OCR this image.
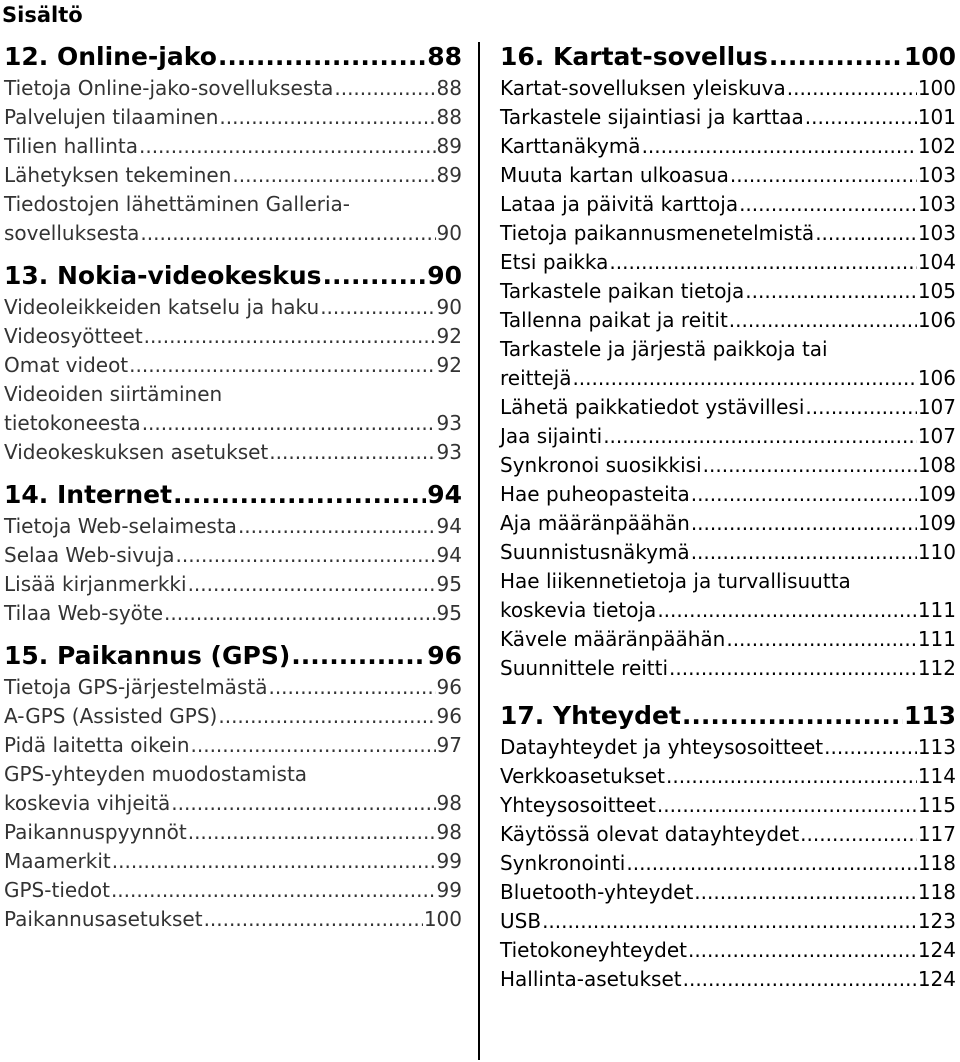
Sisältö
12. Online-jako .....	88
Tietoja Online-jako-sovelluksesta .....	88
Palvelujen tilaaminen .....	88
Tilien hallinta .....	89
Lähetyksen tekeminen .....	89
Tiedostojen lähettäminen Galleria-
sovelluksesta .....	90
13. Nokia-videokeskus .....	90
Videoleikkeiden katselu ja haku .....	90
Videosyötteet .....	92
Omat videot .....	92
Videoiden siirtäminen
tietokoneesta .....	93
Videokeskuksen asetukset .....	93
14. Internet .....	94
Tietoja Web-selaimesta .....	94
Selaa Web-sivuja .....	94
Lisää kirjanmerkki .....	95
Tilaa Web-syöte .....	95
15. Paikannus (GPS) .....	96
Tietoja GPS-järjestelmästä .....	96
A-GPS (Assisted GPS) .....	96
Pidä laitetta oikein .....	97
GPS-yhteyden muodostamista
koskevia vihjeitä .....	98
Paikannuspyynnöt .....	98
Maamerkit .....	99
GPS-tiedot .....	99
Paikannusasetukset .....	100
16. Kartat-sovellus .....	100
Kartat-sovelluksen yleiskuva .....	100
Tarkastele sijaintiasi ja karttaa .....	101
Karttanäkymä .....	102
Muuta kartan ulkoasua .....	103
Lataa ja päivitä karttoja .....	103
Tietoja paikannusmenetelmistä .....	103
Etsi paikka .....	104
Tarkastele paikan tietoja .....	105
Tallenna paikat ja reitit .....	106
Tarkastele ja järjestä paikkoja tai
reittejä .....	106
Lähetä paikkatiedot ystävillesi .....	107
Jaa sijainti .....	107
Synkronoi suosikkisi .....	108
Hae puheopasteita .....	109
Aja määränpäähän .....	109
Suunnistusnäkymä .....	110
Hae liikennetietoja ja turvallisuutta
koskevia tietoja .....	111
Kävele määränpäähän .....	111
Suunnittele reitti .....	112
17. Yhteydet .....	113
Datayhteydet ja yhteysosoitteet .....	113
Verkkoasetukset .....	114
Yhteysosoitteet .....	115
Käytössä olevat datayhteydet .....	117
Synkronointi .....	118
Bluetooth-yhteydet .....	118
USB .....	123
Tietokoneyhteydet .....	124
Hallinta-asetukset .....	124
